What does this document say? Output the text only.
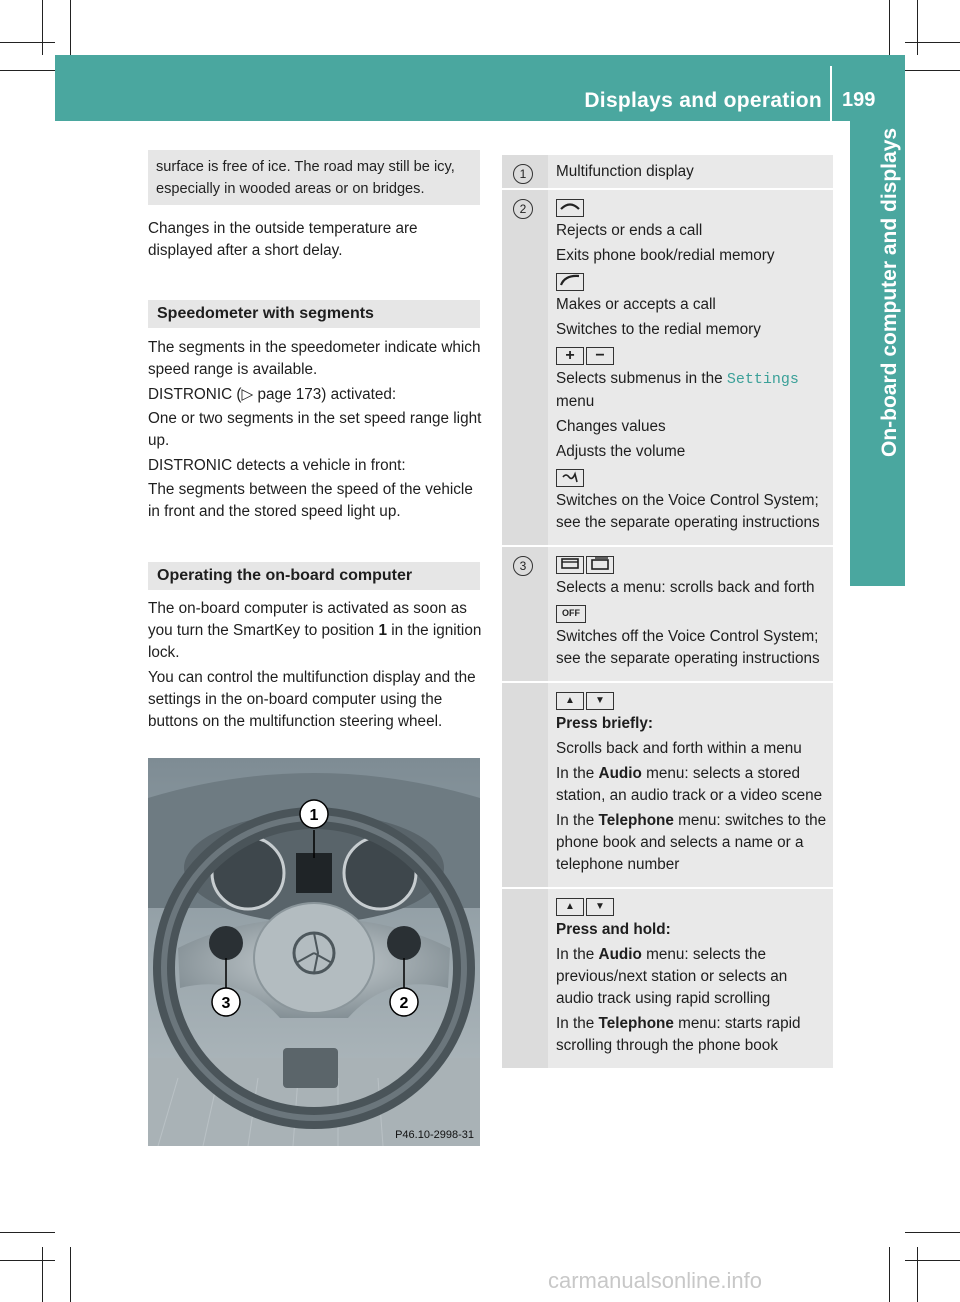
Displays and operation 199
On-board computer and displays
surface is free of ice. The road may still be icy, especially in wooded areas or on bridges.
Changes in the outside temperature are displayed after a short delay.
Speedometer with segments
The segments in the speedometer indicate which speed range is available.
DISTRONIC (▷ page 173) activated:
One or two segments in the set speed range light up.
DISTRONIC detects a vehicle in front:
The segments between the speed of the vehicle in front and the stored speed light up.
Operating the on-board computer
The on-board computer is activated as soon as you turn the SmartKey to position 1 in the ignition lock.
You can control the multifunction display and the settings in the on-board computer using the buttons on the multifunction steering wheel.
1
2
3
P46.10-2998-31
1	Multifunction display

2

Rejects or ends a call

Exits phone book/redial memory

Makes or accepts a call

Switches to the redial memory

+ −

Selects submenus in the Settings
menu

Changes values

Adjusts the volume

Switches on the Voice Control System; see the separate operating instructions

3

Selects a menu: scrolls back and forth

OFF

Switches off the Voice Control System; see the separate operating instructions

▲ ▼

Press briefly:

Scrolls back and forth within a menu

In the Audio menu: selects a stored station, an audio track or a video scene

In the Telephone menu: switches to the phone book and selects a name or a telephone number

▲ ▼

Press and hold:

In the Audio menu: selects the previous/next station or selects an audio track using rapid scrolling

In the Telephone menu: starts rapid scrolling through the phone book

carmanualsonline.info
